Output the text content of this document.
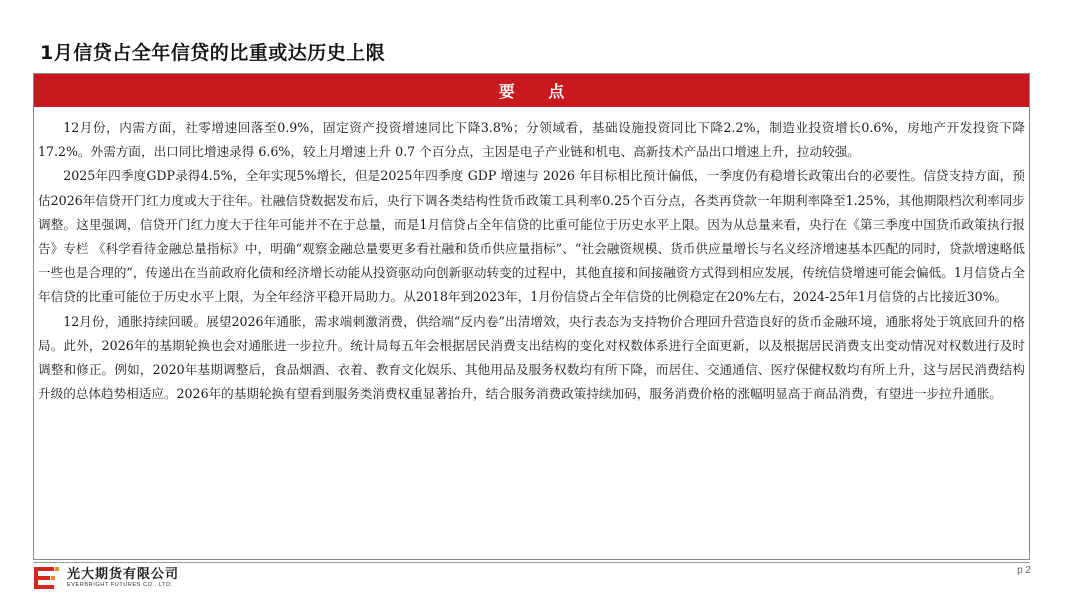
1月信贷占全年信贷的比重或达历史上限
要 点

12月份，内需方面，社零增速回落至0.9%，固定资产投资增速同比下降3.8%；分领域看，基础设施投资同比下降2.2%，制造业投资增长0.6%，房地产开发投资下降17.2%。外需方面，出口同比增速录得 6.6%，较上月增速上升 0.7 个百分点，主因是电子产业链和机电、高新技术产品出口增速上升，拉动较强。

2025年四季度GDP录得4.5%，全年实现5%增长，但是2025年四季度 GDP 增速与 2026 年目标相比预计偏低，一季度仍有稳增长政策出台的必要性。信贷支持方面，预估2026年信贷开门红力度或大于往年。社融信贷数据发布后，央行下调各类结构性货币政策工具利率0.25个百分点，各类再贷款一年期利率降至1.25%，其他期限档次利率同步调整。这里强调，信贷开门红力度大于往年可能并不在于总量，而是1月信贷占全年信贷的比重可能位于历史水平上限。因为从总量来看，央行在《第三季度中国货币政策执行报告》专栏 《科学看待金融总量指标》中，明确“观察金融总量要更多看社融和货币供应量指标”、“社会融资规模、货币供应量增长与名义经济增速基本匹配的同时，贷款增速略低一些也是合理的”，传递出在当前政府化债和经济增长动能从投资驱动向创新驱动转变的过程中，其他直接和间接融资方式得到相应发展，传统信贷增速可能会偏低。1月信贷占全年信贷的比重可能位于历史水平上限，为全年经济平稳开局助力。从2018年到2023年，1月份信贷占全年信贷的比例稳定在20%左右，2024-25年1月信贷的占比接近30%。

12月份，通胀持续回暖。展望2026年通胀，需求端刺激消费，供给端“反内卷”出清增效，央行表态为支持物价合理回升营造良好的货币金融环境，通胀将处于筑底回升的格局。此外，2026年的基期轮换也会对通胀进一步拉升。统计局每五年会根据居民消费支出结构的变化对权数体系进行全面更新，以及根据居民消费支出变动情况对权数进行及时调整和修正。例如，2020年基期调整后，食品烟酒、衣着、教育文化娱乐、其他用品及服务权数均有所下降，而居住、交通通信、医疗保健权数均有所上升，这与居民消费结构升级的总体趋势相适应。2026年的基期轮换有望看到服务类消费权重显著抬升，结合服务消费政策持续加码，服务消费价格的涨幅明显高于商品消费，有望进一步拉升通胀。

光大期货有限公司
EVERBRIGHT FUTURES CO., LTD.
p 2
